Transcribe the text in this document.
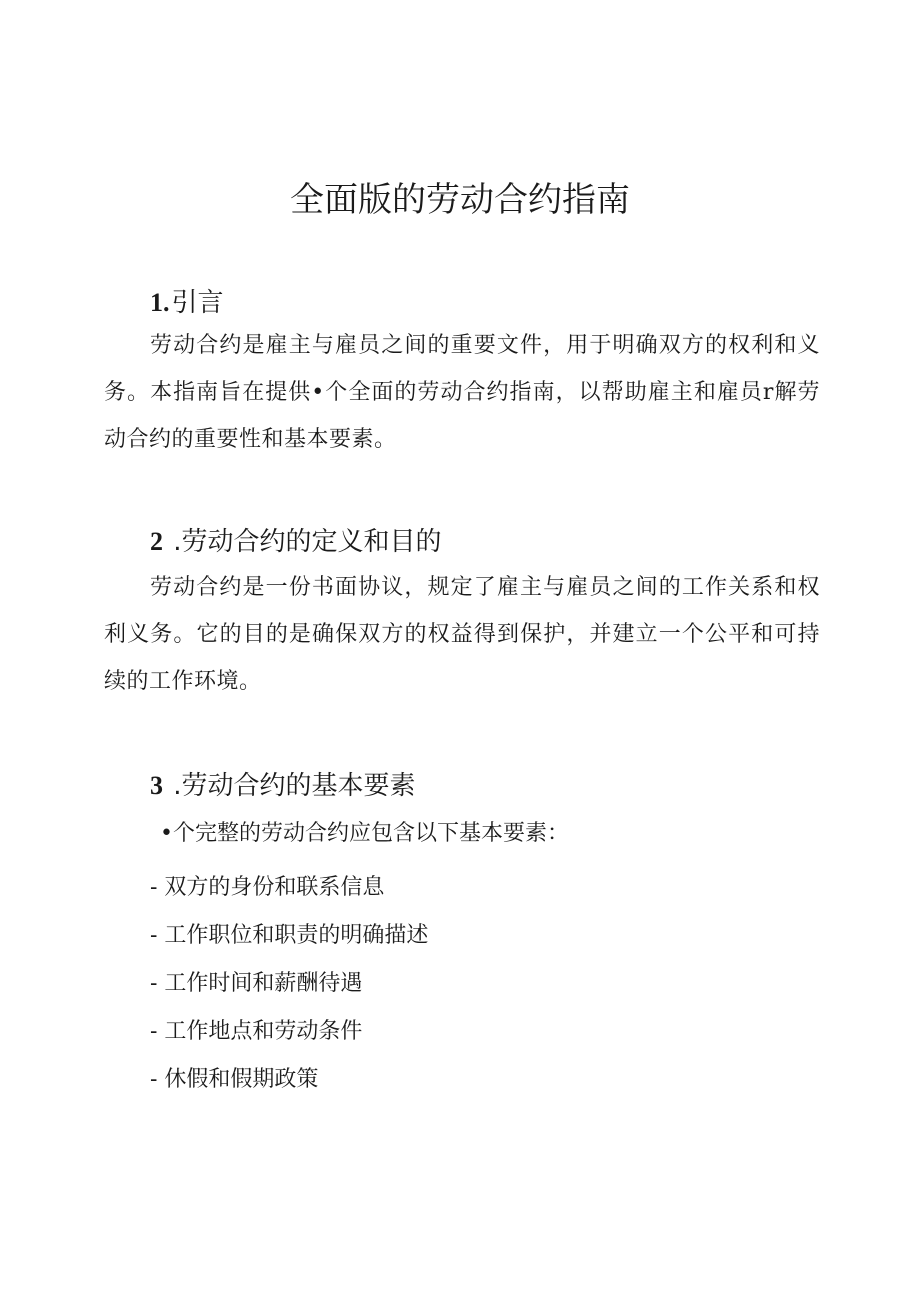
全面版的劳动合约指南
1.引言

劳动合约是雇主与雇员之间的重要文件，用于明确双方的权利和义务。本指南旨在提供•个全面的劳动合约指南，以帮助雇主和雇员r解劳动合约的重要性和基本要素。

2 .劳动合约的定义和目的

劳动合约是一份书面协议，规定了雇主与雇员之间的工作关系和权利义务。它的目的是确保双方的权益得到保护，并建立一个公平和可持续的工作环境。

3 .劳动合约的基本要素

•个完整的劳动合约应包含以下基本要素：

- 双方的身份和联系信息
- 工作职位和职责的明确描述
- 工作时间和薪酬待遇
- 工作地点和劳动条件
- 休假和假期政策
